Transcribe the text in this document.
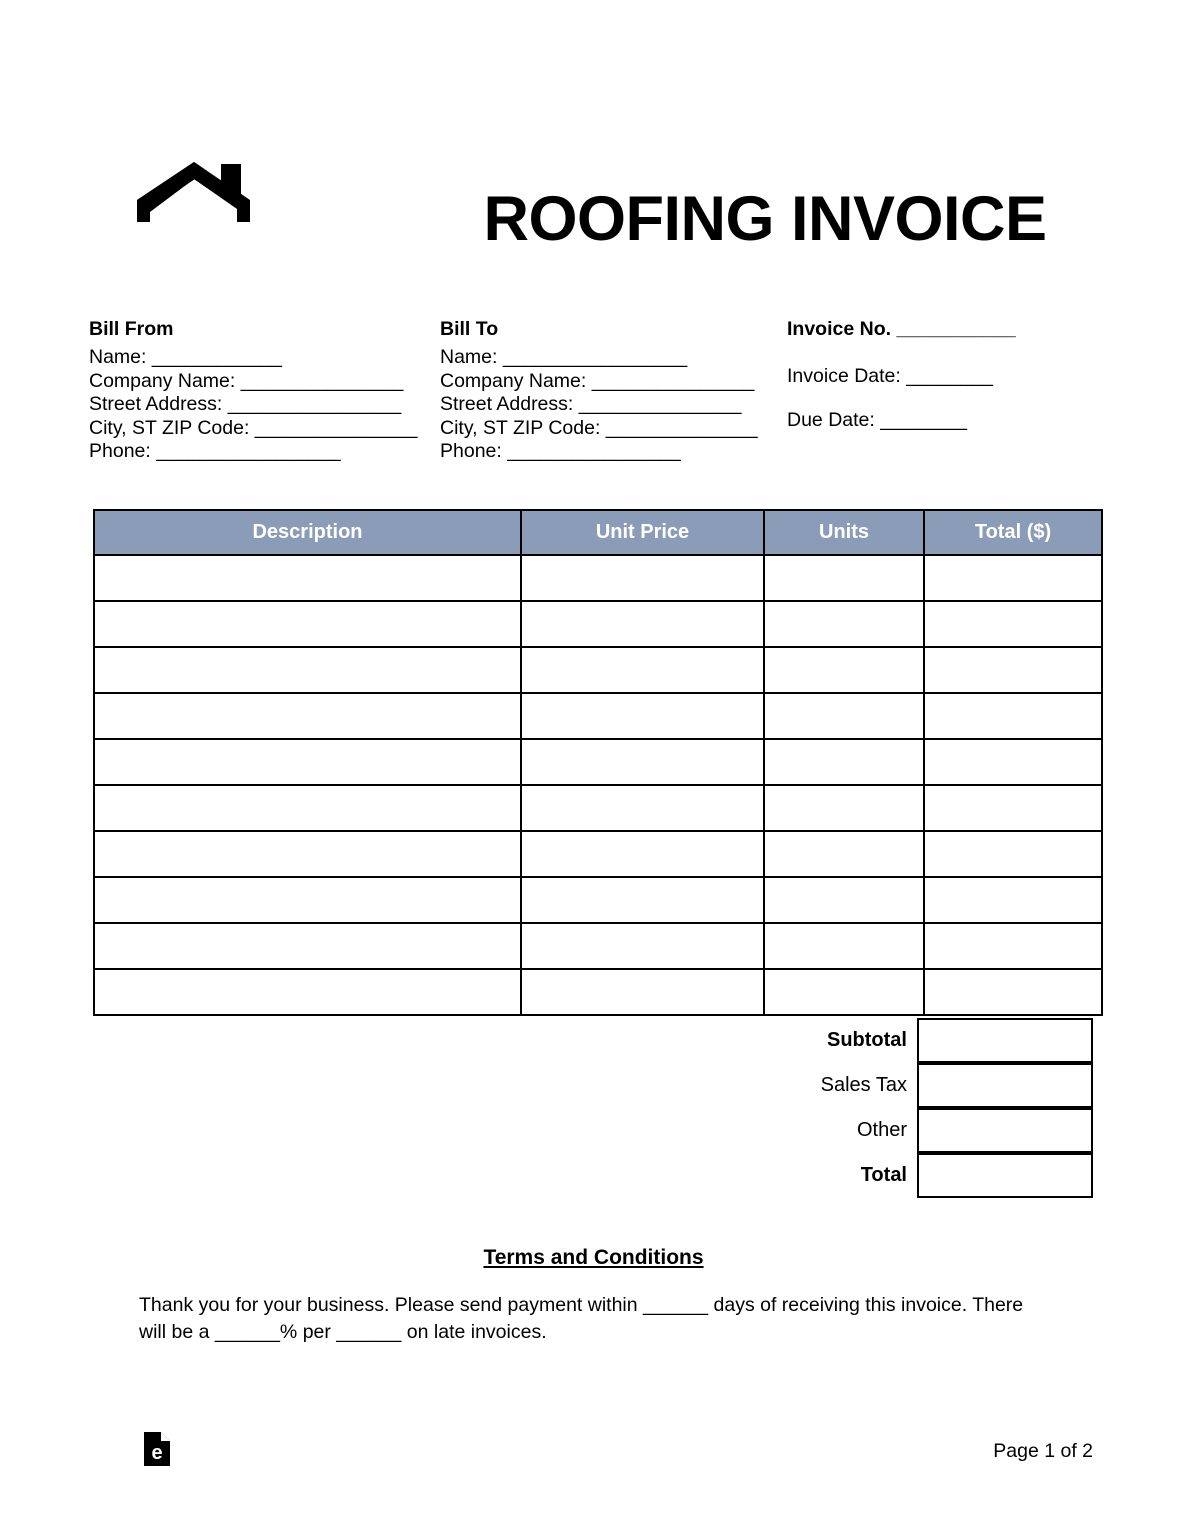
ROOFING INVOICE
Bill From
Name: ____________
Company Name: _______________
Street Address: ________________
City, ST ZIP Code: _______________
Phone: _________________
Bill To
Name: _________________
Company Name: _______________
Street Address: _______________
City, ST ZIP Code: ______________
Phone: ________________
Invoice No. ___________
Invoice Date: ________
Due Date: ________
Description	Unit Price	Units	Total ($)

Subtotal
Sales Tax
Other
Total
Terms and Conditions
Thank you for your business. Please send payment within ______ days of receiving this invoice. There will be a ______% per ______ on late invoices.
e	Page 1 of 2
